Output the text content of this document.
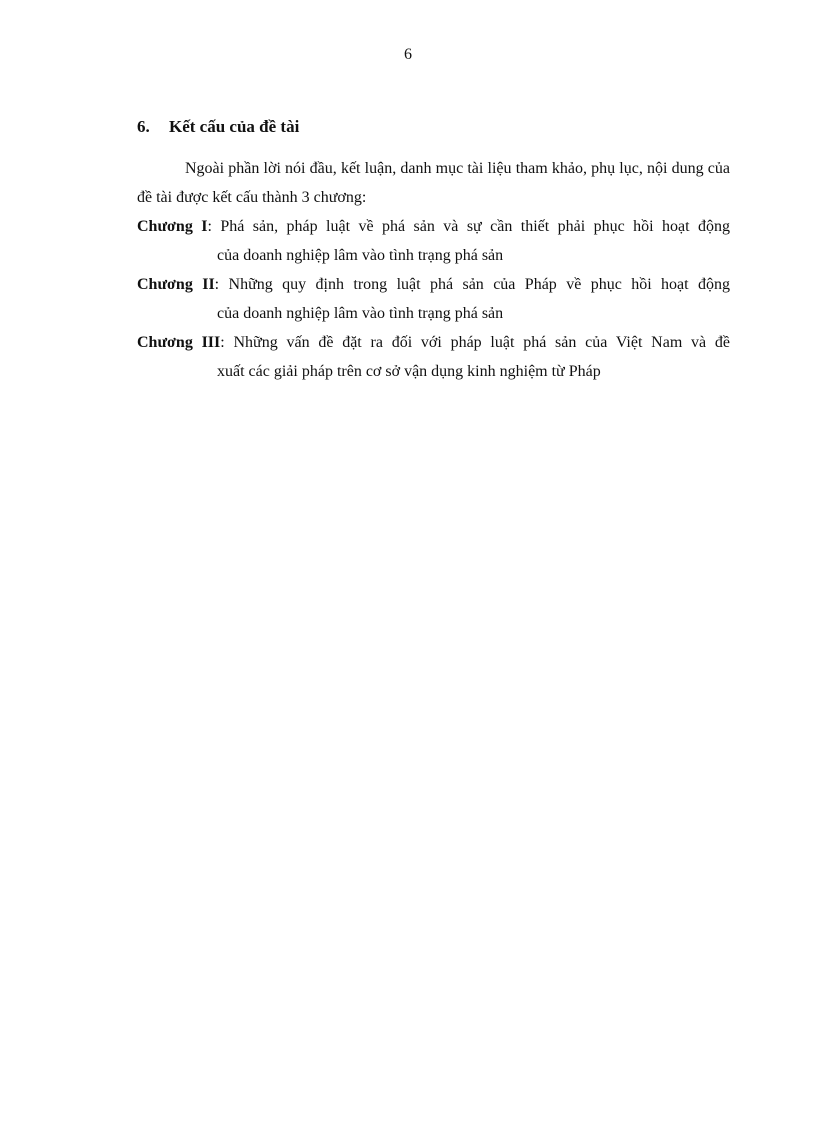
6
6.	Kết cấu của đề tài

Ngoài phần lời nói đầu, kết luận, danh mục tài liệu tham khảo, phụ lục, nội dung của đề tài được kết cấu thành 3 chương:

Chương I: Phá sản, pháp luật về phá sản và sự cần thiết phải phục hồi hoạt động
của doanh nghiệp lâm vào tình trạng phá sản
Chương II: Những quy định trong luật phá sản của Pháp về phục hồi hoạt động
của doanh nghiệp lâm vào tình trạng phá sản
Chương III: Những vấn đề đặt ra đối với pháp luật phá sản của Việt Nam và đề
xuất các giải pháp trên cơ sở vận dụng kinh nghiệm từ Pháp
